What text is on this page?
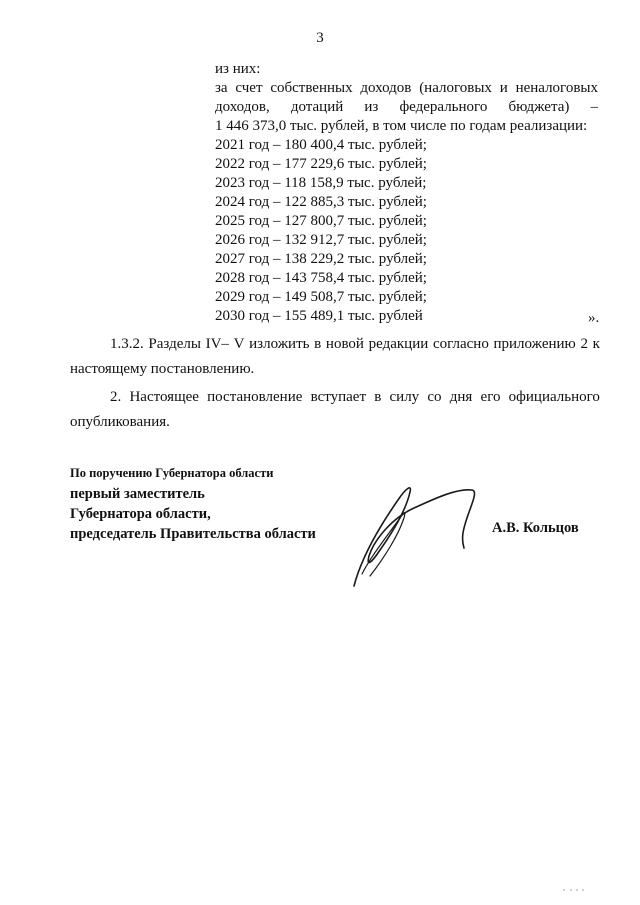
3
из них:
за счет собственных доходов (налоговых и неналоговых
доходов, дотаций из федерального бюджета) –
1 446 373,0 тыс. рублей, в том числе по годам реализации:
2021 год – 180 400,4 тыс. рублей;
2022 год – 177 229,6 тыс. рублей;
2023 год – 118 158,9 тыс. рублей;
2024 год – 122 885,3 тыс. рублей;
2025 год – 127 800,7 тыс. рублей;
2026 год – 132 912,7 тыс. рублей;
2027 год – 138 229,2 тыс. рублей;
2028 год – 143 758,4 тыс. рублей;
2029 год – 149 508,7 тыс. рублей;
2030 год – 155 489,1 тыс. рублей	».
1.3.2. Разделы IV– V изложить в новой редакции согласно приложению 2 к
настоящему постановлению.
2. Настоящее постановление вступает в силу со дня его официального
опубликования.
По поручению Губернатора области
первый заместитель
Губернатора области,
председатель Правительства области	А.В. Кольцов
